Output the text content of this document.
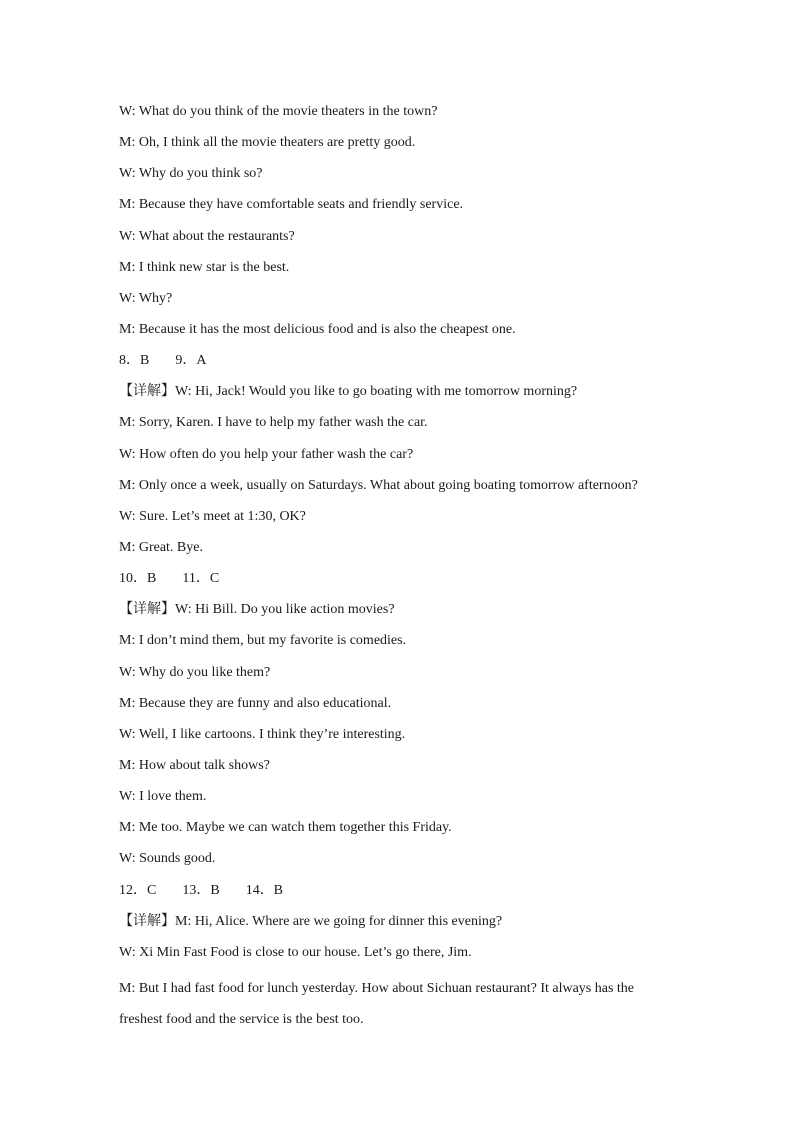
W: What do you think of the movie theaters in the town?
M: Oh, I think all the movie theaters are pretty good.
W: Why do you think so?
M: Because they have comfortable seats and friendly service.
W: What about the restaurants?
M: I think new star is the best.
W: Why?
M: Because it has the most delicious food and is also the cheapest one.
8．B 9．A
【详解】W: Hi, Jack! Would you like to go boating with me tomorrow morning?
M: Sorry, Karen. I have to help my father wash the car.
W: How often do you help your father wash the car?
M: Only once a week, usually on Saturdays. What about going boating tomorrow afternoon?
W: Sure. Let’s meet at 1:30, OK?
M: Great. Bye.
10．B 11．C
【详解】W: Hi Bill. Do you like action movies?
M: I don’t mind them, but my favorite is comedies.
W: Why do you like them?
M: Because they are funny and also educational.
W: Well, I like cartoons. I think they’re interesting.
M: How about talk shows?
W: I love them.
M: Me too. Maybe we can watch them together this Friday.
W: Sounds good.
12．C 13．B 14．B
【详解】M: Hi, Alice. Where are we going for dinner this evening?
W: Xi Min Fast Food is close to our house. Let’s go there, Jim.
M: But I had fast food for lunch yesterday. How about Sichuan restaurant? It always has the freshest food and the service is the best too.
